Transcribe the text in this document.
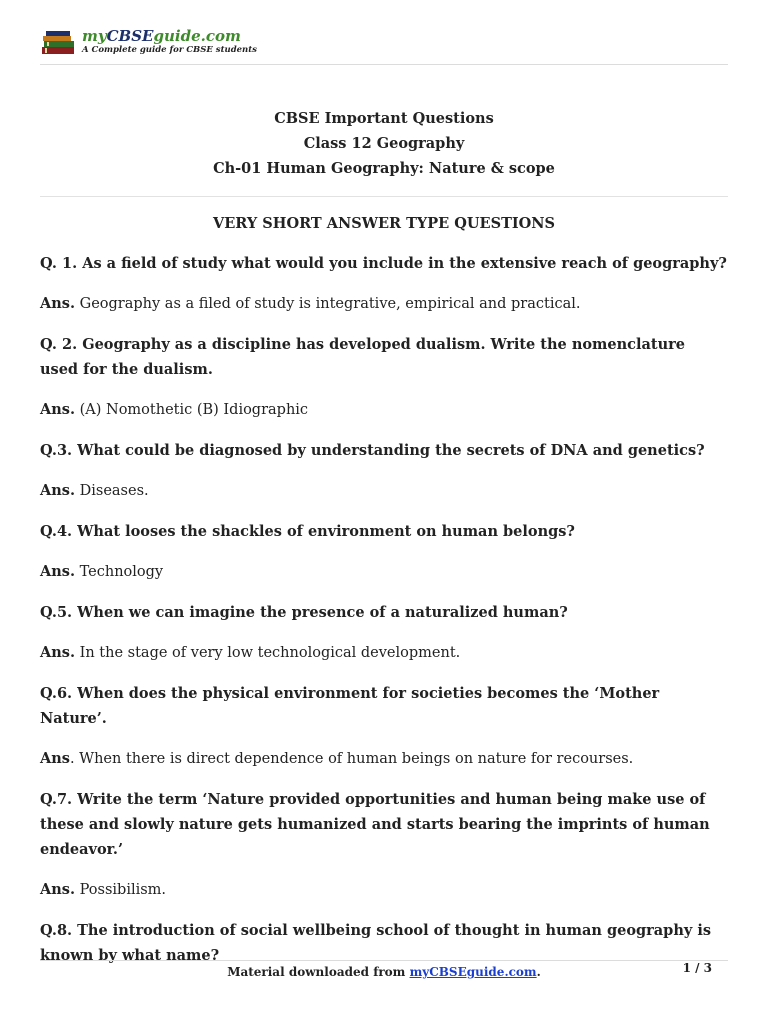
myCBSEguide.com
A Complete guide for CBSE students
CBSE Important Questions
Class 12 Geography
Ch-01 Human Geography: Nature & scope
VERY SHORT ANSWER TYPE QUESTIONS
Q. 1. As a field of study what would you include in the extensive reach of geography?
Ans. Geography as a filed of study is integrative, empirical and practical.
Q. 2. Geography as a discipline has developed dualism. Write the nomenclature used for the dualism.
Ans. (A) Nomothetic (B) Idiographic
Q.3. What could be diagnosed by understanding the secrets of DNA and genetics?
Ans. Diseases.
Q.4. What looses the shackles of environment on human belongs?
Ans. Technology
Q.5. When we can imagine the presence of a naturalized human?
Ans. In the stage of very low technological development.
Q.6. When does the physical environment for societies becomes the ‘Mother Nature’.
Ans. When there is direct dependence of human beings on nature for recourses.
Q.7. Write the term ‘Nature provided opportunities and human being make use of these and slowly nature gets humanized and starts bearing the imprints of human endeavor.’
Ans. Possibilism.
Q.8. The introduction of social wellbeing school of thought in human geography is known by what name?
Material downloaded from myCBSEguide.com.	1 / 3
